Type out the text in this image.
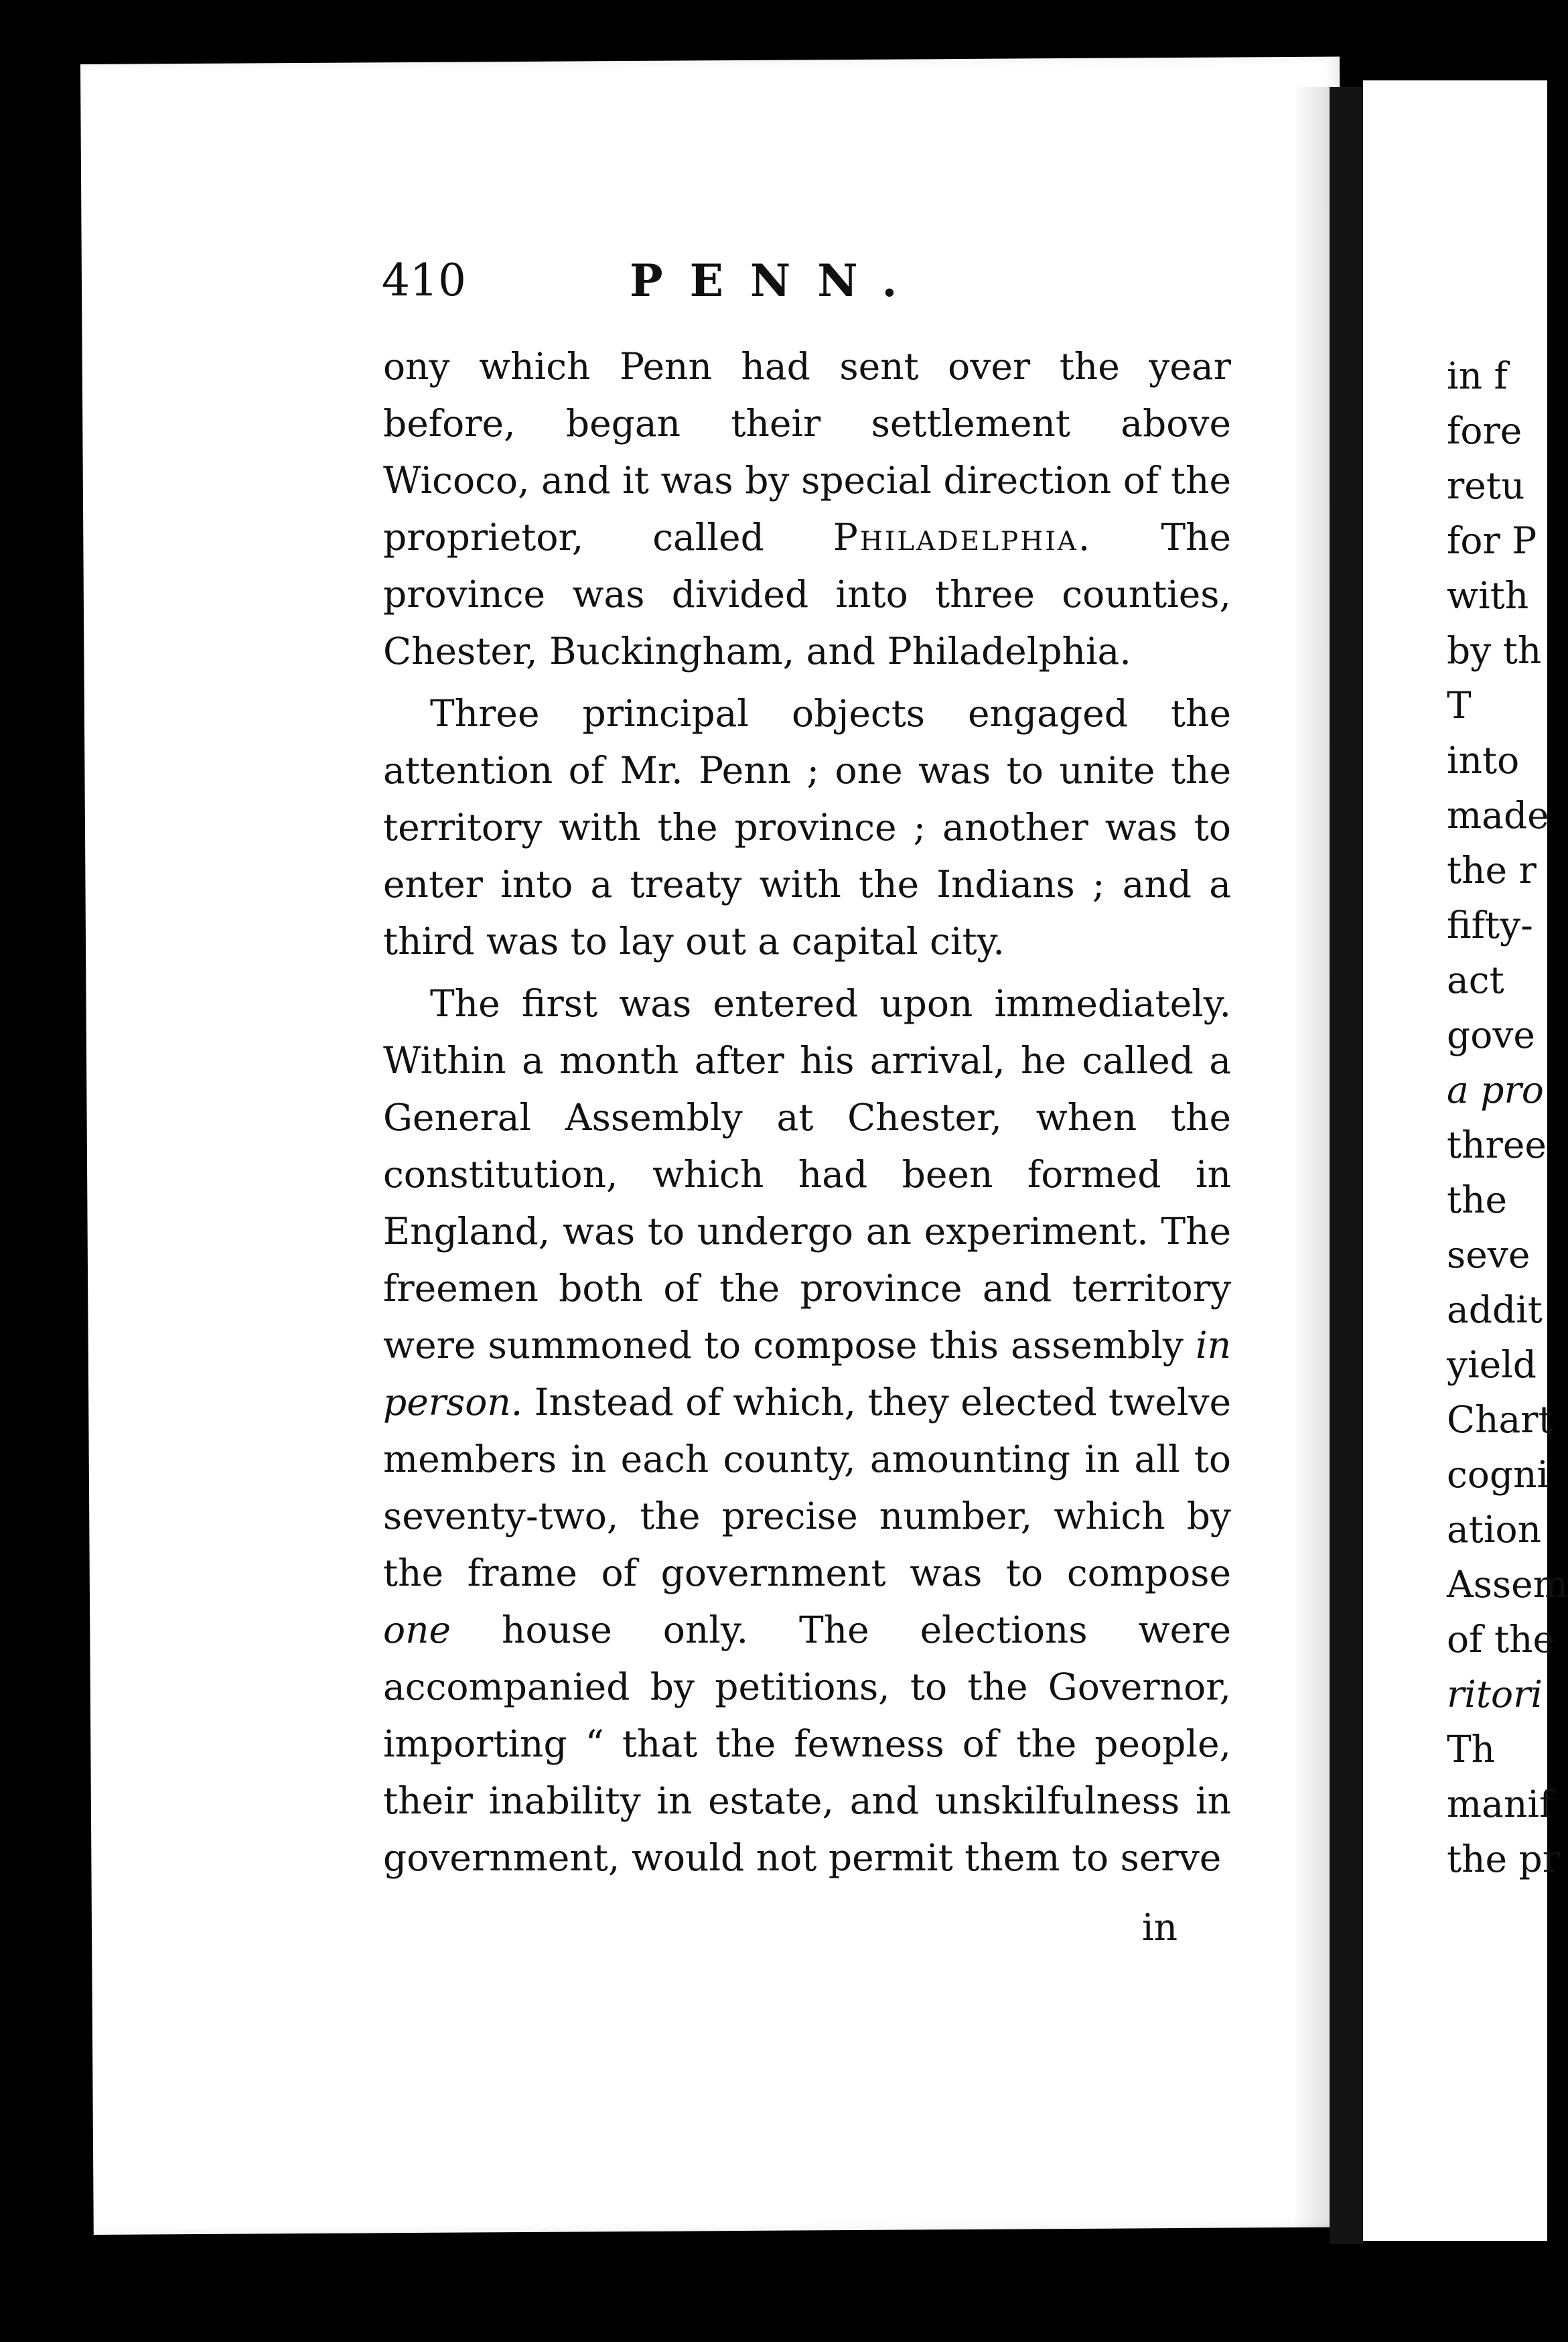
410	PENN.

ony which Penn had sent over the year before, began their settlement above Wicoco, and it was by special direction of the proprietor, called Philadelphia. The province was divided into three counties, Chester, Buckingham, and Philadelphia.

Three principal objects engaged the attention of Mr. Penn ; one was to unite the territory with the province ; another was to enter into a treaty with the Indians ; and a third was to lay out a capital city.

The first was entered upon immediately. Within a month after his arrival, he called a General Assembly at Chester, when the constitution, which had been formed in England, was to undergo an experiment. The freemen both of the province and territory were summoned to compose this assembly in person. Instead of which, they elected twelve members in each county, amounting in all to seventy-two, the precise number, which by the frame of government was to compose one house only. The elections were accompanied by petitions, to the Governor, importing “ that the fewness of the people, their inability in estate, and unskilfulness in government, would not permit them to serve

in
in f
fore
retu
for P
with
by th
T
into
made
the r
fifty-
act
gove
a pro
three
the
seve
addit
yield
Chart
cogni
ation
Assem
of the
ritori
Th
manif
the pr
